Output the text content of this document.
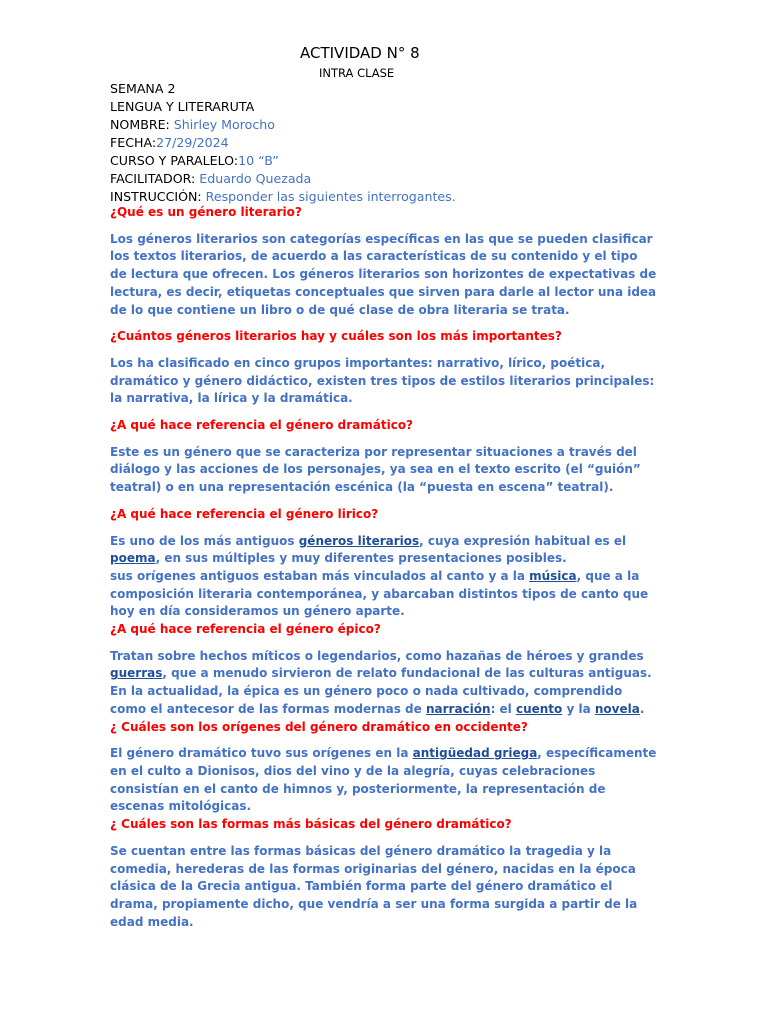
ACTIVIDAD N° 8
INTRA CLASE
SEMANA 2
LENGUA Y LITERARUTA
NOMBRE: Shirley Morocho
FECHA:27/29/2024
CURSO Y PARALELO:10 “B”
FACILITADOR: Eduardo Quezada
INSTRUCCIÓN: Responder las siguientes interrogantes.

¿Qué es un género literario?

Los géneros literarios son categorías específicas en las que se pueden clasificar los textos literarios, de acuerdo a las características de su contenido y el tipo de lectura que ofrecen. Los géneros literarios son horizontes de expectativas de lectura, es decir, etiquetas conceptuales que sirven para darle al lector una idea de lo que contiene un libro o de qué clase de obra literaria se trata.

¿Cuántos géneros literarios hay y cuáles son los más importantes?

Los ha clasificado en cinco grupos importantes: narrativo, lírico, poética, dramático y género didáctico, existen tres tipos de estilos literarios principales: la narrativa, la lírica y la dramática.

¿A qué hace referencia el género dramático?

Este es un género que se caracteriza por representar situaciones a través del diálogo y las acciones de los personajes, ya sea en el texto escrito (el “guión” teatral) o en una representación escénica (la “puesta en escena” teatral).

¿A qué hace referencia el género lirico?

Es uno de los más antiguos géneros literarios, cuya expresión habitual es el poema, en sus múltiples y muy diferentes presentaciones posibles.
sus orígenes antiguos estaban más vinculados al canto y a la música, que a la composición literaria contemporánea, y abarcaban distintos tipos de canto que hoy en día consideramos un género aparte.

¿A qué hace referencia el género épico?

Tratan sobre hechos míticos o legendarios, como hazañas de héroes y grandes guerras, que a menudo sirvieron de relato fundacional de las culturas antiguas. En la actualidad, la épica es un género poco o nada cultivado, comprendido como el antecesor de las formas modernas de narración: el cuento y la novela.

¿ Cuáles son los orígenes del género dramático en occidente?

El género dramático tuvo sus orígenes en la antigüedad griega, específicamente en el culto a Dionisos, dios del vino y de la alegría, cuyas celebraciones consistían en el canto de himnos y, posteriormente, la representación de escenas mitológicas.

¿ Cuáles son las formas más básicas del género dramático?

Se cuentan entre las formas básicas del género dramático la tragedia y la comedia, herederas de las formas originarias del género, nacidas en la época clásica de la Grecia antigua. También forma parte del género dramático el drama, propiamente dicho, que vendría a ser una forma surgida a partir de la edad media.
